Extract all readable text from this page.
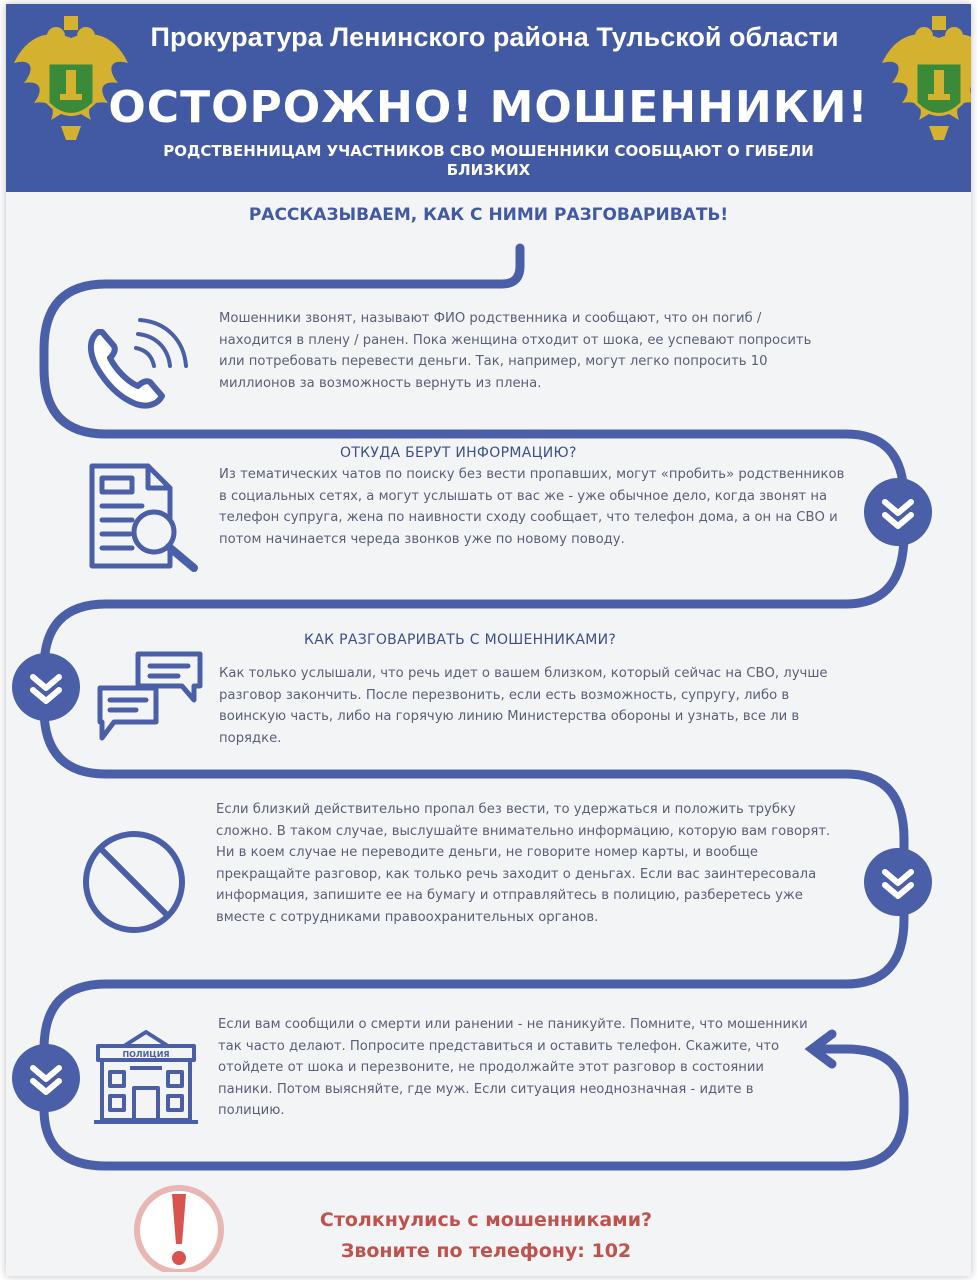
Прокуратура Ленинского района Тульской области
ОСТОРОЖНО! МОШЕННИКИ!
РОДСТВЕННИЦАМ УЧАСТНИКОВ СВО МОШЕННИКИ СООБЩАЮТ О ГИБЕЛИ БЛИЗКИХ
РАССКАЗЫВАЕМ, КАК С НИМИ РАЗГОВАРИВАТЬ!
Мошенники звонят, называют ФИО родственника и сообщают, что он погиб / находится в плену / ранен. Пока женщина отходит от шока, ее успевают попросить или потребовать перевести деньги. Так, например, могут легко попросить 10 миллионов за возможность вернуть из плена.
ОТКУДА БЕРУТ ИНФОРМАЦИЮ?
Из тематических чатов по поиску без вести пропавших, могут «пробить» родственников в социальных сетях, а могут услышать от вас же - уже обычное дело, когда звонят на телефон супруга, жена по наивности сходу сообщает, что телефон дома, а он на СВО и потом начинается череда звонков уже по новому поводу.
КАК РАЗГОВАРИВАТЬ С МОШЕННИКАМИ?
Как только услышали, что речь идет о вашем близком, который сейчас на СВО, лучше разговор закончить. После перезвонить, если есть возможность, супругу, либо в воинскую часть, либо на горячую линию Министерства обороны и узнать, все ли в порядке.
Если близкий действительно пропал без вести, то удержаться и положить трубку сложно. В таком случае, выслушайте внимательно информацию, которую вам говорят. Ни в коем случае не переводите деньги, не говорите номер карты, и вообще прекращайте разговор, как только речь заходит о деньгах. Если вас заинтересовала информация, запишите ее на бумагу и отправляйтесь в полицию, разберетесь уже вместе с сотрудниками правоохранительных органов.
ПОЛИЦИЯ
Если вам сообщили о смерти или ранении - не паникуйте. Помните, что мошенники так часто делают. Попросите представиться и оставить телефон. Скажите, что отойдете от шока и перезвоните, не продолжайте этот разговор в состоянии паники. Потом выясняйте, где муж. Если ситуация неоднозначная - идите в полицию.
Столкнулись с мошенниками?
Звоните по телефону: 102
